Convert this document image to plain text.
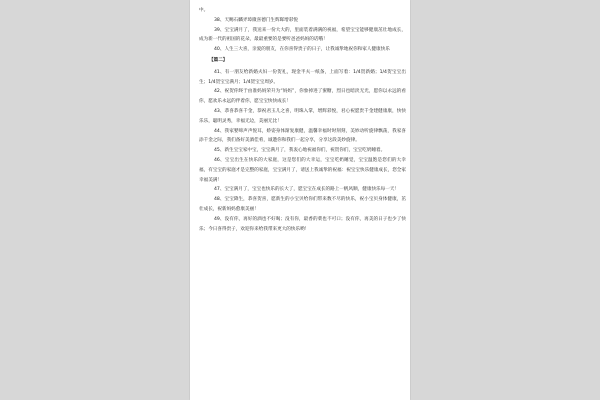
中。
38、天赐石麟弄璋微喜德门生辉晖增彩悦
39、宝宝满月了，我送来一份大大的，里面装着满满的祝福，希望宝宝能够健康茁壮地成长，成为新一代的祖国的花朵，最最重要的是要听爸爸妈妈的话哦！
40、人生三大喜，亲爱的朋友，在你喜得贵子的日子，让我诚挚地祝你和家人健康快乐
【篇二】
41、有一朋友给新婚夫妇一份贺礼，现金半夫一纸条，上面写着：1/4贺新婚；1/4贺宝宝出生；1/4贺宝宝满月；1/4贺宝宝周岁。
42、祝贺你终于由准妈妈荣升为“妈妈”，你象掉进了蜜糖，烈日也暗淡无光，愿你以永远的看你，愿欢乐永远的伴着你，愿宝宝快快成长！
43、恭喜恭喜千金，恭祝君玉儿之喜，明珠入掌，增辉彩悦，君心祝愿贵千金建健康康，快快乐乐，聪明灵秀，幸福无边，美丽无比！
44、我家婴啼声声悦耳，娇姿身体渐复康健，温馨幸福时时刻刻，美妙动听旋律飘荡，我家喜添千金之际，我们备好美酒佳肴，诚邀你和我们一起分享，分享这段美妙旋律。
45、新生宝宝家中宝，宝宝满月了，我衷心地祝福你们，祝贺你们，宝宝吃奶睡着。
46、宝宝出生在快乐的大家庭，这是您们的大幸运，宝宝吃奶睡觉，宝宝温饱是您们的大幸福，有宝宝的家庭才是完整的家庭，宝宝满月了，请送上我诚挚的祝福：祝宝宝快乐健康成长，您全家幸福美满！
47、宝宝满月了，宝宝也快乐的长大了，愿宝宝在成长的路上一帆风顺，健康快乐每一天！
48、宝宝降生，恭喜贺喜，愿新生的小宝贝给你们带来数不尽的快乐，祝小宝贝身体健康，茁壮成长，祝新妈妈愈康美丽！
49、没有你，再好的酒也不好喝；没有你，最香的菜也不可口；没有你，再美的日子也少了快乐；今日喜得贵子，欢迎你来给我带来更大的快乐哟！
